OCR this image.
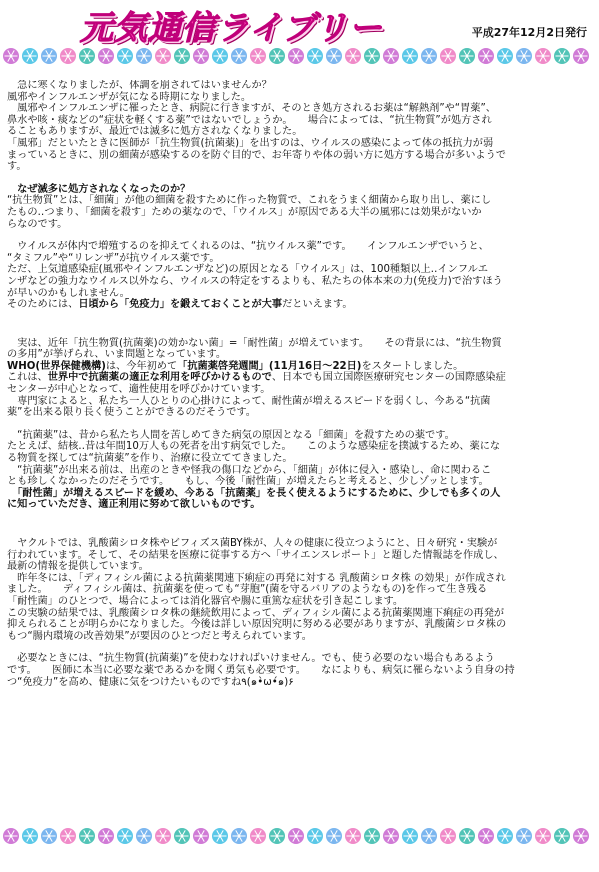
元気通信ライブリー	平成27年12月2日発行

　急に寒くなりましたが、体調を崩されてはいませんか？

風邪やインフルエンザが気になる時期になりました。

　風邪やインフルエンザに罹ったとき、病院に行きますが、そのとき処方されるお薬は“解熱剤”や“胃薬”、

鼻水や咳・痰などの“症状を軽くする薬”ではないでしょうか。　　場合によっては、“抗生物質”が処方され

ることもありますが、最近では滅多に処方されなくなりました。

「風邪」だといたときに医師が「抗生物質(抗菌薬)」を出すのは、ウイルスの感染によって体の抵抗力が弱

まっているときに、別の細菌が感染するのを防ぐ目的で、お年寄りや体の弱い方に処方する場合が多いようで

す。

　なぜ滅多に処方されなくなったのか？

“抗生物質”とは、「細菌」が他の細菌を殺すために作った物質で、これをうまく細菌から取り出し、薬にし

たもの‥つまり、「細菌を殺す」ための薬なので、「ウイルス」が原因である大半の風邪には効果がないか

らなのです。

　ウイルスが体内で増殖するのを抑えてくれるのは、“抗ウイルス薬”です。　　インフルエンザでいうと、

“タミフル”や“リレンザ”が抗ウイルス薬です。

ただ、上気道感染症(風邪やインフルエンザなど)の原因となる「ウイルス」は、100種類以上‥インフルエ

ンザなどの強力なウイルス以外なら、ウイルスの特定をするよりも、私たちの体本来の力(免疫力)で治すほう

が早いのかもしれません。

そのためには、日頃から「免疫力」を鍛えておくことが大事だといえます。

　実は、近年「抗生物質(抗菌薬)の効かない菌」=「耐性菌」が増えています。　　その背景には、“抗生物質

の多用”が挙げられ、いま問題となっています。

WHO(世界保健機構)は、今年初めて「抗菌薬啓発週間」(11月16日～22日)をスタートしました。

これは、世界中で抗菌薬の適正な利用を呼びかけるもので、日本でも国立国際医療研究センターの国際感染症

センターが中心となって、適性使用を呼びかけています。

　専門家によると、私たち一人ひとりの心掛けによって、耐性菌が増えるスピードを弱くし、今ある“抗菌

薬”を出来る限り長く使うことができるのだそうです。

　“抗菌薬”は、昔から私たち人間を苦しめてきた病気の原因となる「細菌」を殺すための薬です。

たとえば、結核‥昔は年間10万人もの死者を出す病気でした。　　このような感染症を撲滅するため、薬にな

る物質を探しては“抗菌薬”を作り、治療に役立ててきました。

　“抗菌薬”が出来る前は、出産のときや怪我の傷口などから、「細菌」が体に侵入・感染し、命に関わるこ

とも珍しくなかったのだそうです。　　もし、今後「耐性菌」が増えたらと考えると、少しゾッとします。

　「耐性菌」が増えるスピードを緩め、今ある「抗菌薬」を長く使えるようにするために、少しでも多くの人

に知っていただき、適正利用に努めて欲しいものです。

　ヤクルトでは、乳酸菌シロタ株やビフィズス菌BY株が、人々の健康に役立つようにと、日々研究・実験が

行われています。そして、その結果を医療に従事する方へ「サイエンスレポート」と題した情報誌を作成し、

最新の情報を提供しています。

　昨年冬には、「ディフィシル菌による抗菌薬関連下痢症の再発に対する 乳酸菌シロタ株 の効果」が作成され

ました。　　ディフィシル菌は、抗菌薬を使っても“芽胞”(菌を守るバリアのようなもの)を作って生き残る

「耐性菌」のひとつで、場合によっては消化器官や腸に重篤な症状を引き起こします。

この実験の結果では、乳酸菌シロタ株の継続飲用によって、ディフィシル菌による抗菌薬関連下痢症の再発が

抑えられることが明らかになりました。今後は詳しい原因究明に努める必要がありますが、乳酸菌シロタ株の

もつ“腸内環境の改善効果”が要因のひとつだと考えられています。

　必要なときには、“抗生物質(抗菌薬)”を使わなければいけません。でも、使う必要のない場合もあるよう

です。　　医師に本当に必要な薬であるかを聞く勇気も必要です。　　なによりも、病気に罹らないよう自身の持

つ“免疫力”を高め、健康に気をつけたいものですね٩(๑•̀ω•́๑)۶
